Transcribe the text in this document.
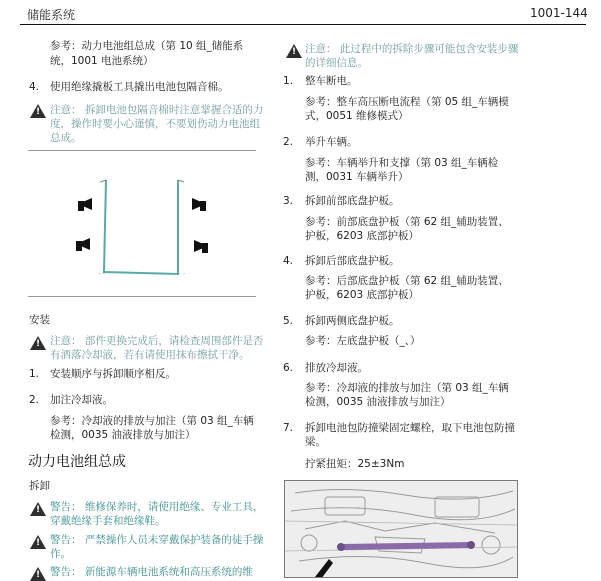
储能系统	1001-144
参考：动力电池组总成（第 10 组_储能系
统，1001 电池系统）
4. 使用绝缘撬板工具撬出电池包隔音棉。
!
注意： 拆卸电池包隔音棉时注意掌握合适的力
度，操作时要小心谨慎，不要划伤动力电池组
总成。
- -	- -
安装
!
注意： 部件更换完成后，请检查周围部件是否
有洒落冷却液，若有请使用抹布擦拭干净。
1. 安装顺序与拆卸顺序相反。
2. 加注冷却液。
参考：冷却液的排放与加注（第 03 组_车辆
检测，0035 油液排放与加注）
动力电池组总成
拆卸
!
警告： 维修保养时，请使用绝缘、专业工具，
穿戴绝缘手套和绝缘鞋。
!
警告： 严禁操作人员未穿戴保护装备的徒手操
作。
!
警告： 新能源车辆电池系统和高压系统的维
!
注意： 此过程中的拆除步骤可能包含安装步骤
的详细信息。
1. 整车断电。
参考：整车高压断电流程（第 05 组_车辆模
式，0051 维修模式）
2. 举升车辆。
参考：车辆举升和支撑（第 03 组_车辆检
测，0031 车辆举升）
3. 拆卸前部底盘护板。
参考：前部底盘护板（第 62 组_辅助装置、
护板，6203 底部护板）
4. 拆卸后部底盘护板。
参考：后部底盘护板（第 62 组_辅助装置、
护板，6203 底部护板）
5. 拆卸两侧底盘护板。
参考：左底盘护板（_、）
6. 排放冷却液。
参考：冷却液的排放与加注（第 03 组_车辆
检测，0035 油液排放与加注）
7. 拆卸电池包防撞梁固定螺栓，取下电池包防撞
梁。
拧紧扭矩：25±3Nm
